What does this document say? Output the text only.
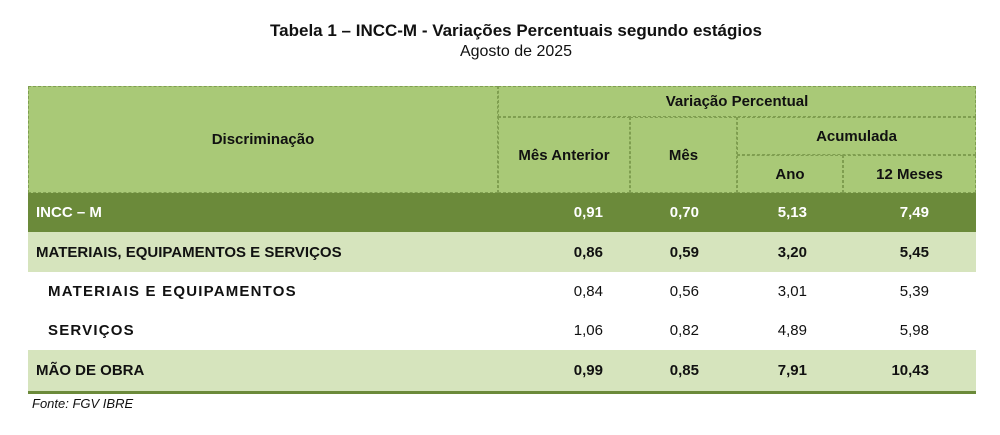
Tabela 1 – INCC-M - Variações Percentuais segundo estágios
Agosto de 2025
Discriminação
Variação Percentual
Mês Anterior	Mês
Acumulada
Ano	12 Meses
INCC – M	0,91	0,70	5,13	7,49
MATERIAIS, EQUIPAMENTOS E SERVIÇOS	0,86	0,59	3,20	5,45
MATERIAIS E EQUIPAMENTOS	0,84	0,56	3,01	5,39
SERVIÇOS	1,06	0,82	4,89	5,98
MÃO DE OBRA	0,99	0,85	7,91	10,43
Fonte: FGV IBRE
